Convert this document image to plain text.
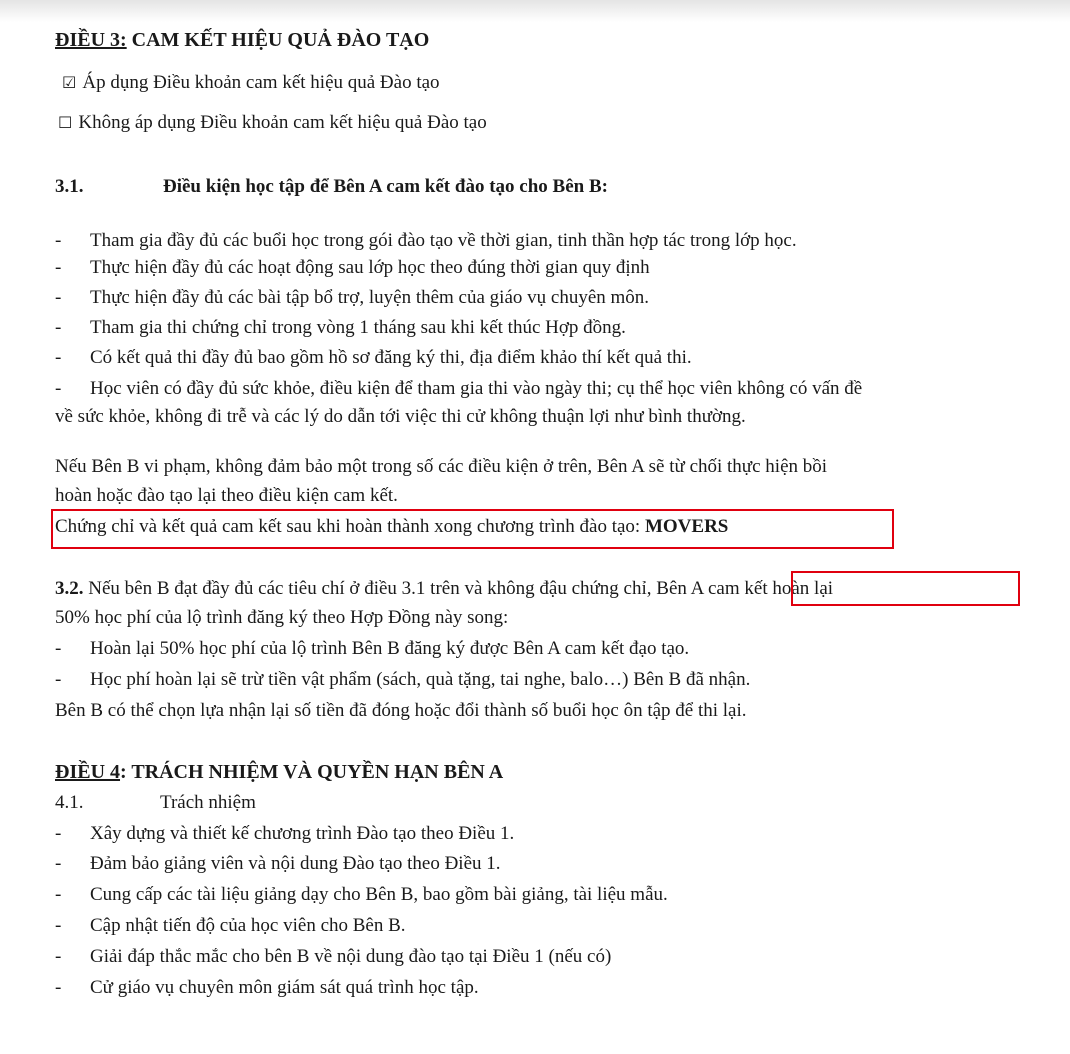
ĐIỀU 3: CAM KẾT HIỆU QUẢ ĐÀO TẠO
☑ Áp dụng Điều khoản cam kết hiệu quả Đào tạo
☐ Không áp dụng Điều khoản cam kết hiệu quả Đào tạo
3.1.	Điều kiện học tập để Bên A cam kết đào tạo cho Bên B:
- Tham gia đầy đủ các buổi học trong gói đào tạo về thời gian, tinh thần hợp tác trong lớp học.
- Thực hiện đầy đủ các hoạt động sau lớp học theo đúng thời gian quy định
- Thực hiện đầy đủ các bài tập bổ trợ, luyện thêm của giáo vụ chuyên môn.
- Tham gia thi chứng chỉ trong vòng 1 tháng sau khi kết thúc Hợp đồng.
- Có kết quả thi đầy đủ bao gồm hồ sơ đăng ký thi, địa điểm khảo thí kết quả thi.
- Học viên có đầy đủ sức khỏe, điều kiện để tham gia thi vào ngày thi; cụ thể học viên không có vấn đề
về sức khỏe, không đi trễ và các lý do dẫn tới việc thi cử không thuận lợi như bình thường.
Nếu Bên B vi phạm, không đảm bảo một trong số các điều kiện ở trên, Bên A sẽ từ chối thực hiện bồi
hoàn hoặc đào tạo lại theo điều kiện cam kết.
Chứng chỉ và kết quả cam kết sau khi hoàn thành xong chương trình đào tạo: MOVERS
3.2. Nếu bên B đạt đầy đủ các tiêu chí ở điều 3.1 trên và không đậu chứng chỉ, Bên A cam kết hoàn lại
50% học phí của lộ trình đăng ký theo Hợp Đồng này song:
- Hoàn lại 50% học phí của lộ trình Bên B đăng ký được Bên A cam kết đạo tạo.
- Học phí hoàn lại sẽ trừ tiền vật phẩm (sách, quà tặng, tai nghe, balo…) Bên B đã nhận.
Bên B có thể chọn lựa nhận lại số tiền đã đóng hoặc đổi thành số buổi học ôn tập để thi lại.
ĐIỀU 4: TRÁCH NHIỆM VÀ QUYỀN HẠN BÊN A
4.1.	Trách nhiệm
- Xây dựng và thiết kế chương trình Đào tạo theo Điều 1.
- Đảm bảo giảng viên và nội dung Đào tạo theo Điều 1.
- Cung cấp các tài liệu giảng dạy cho Bên B, bao gồm bài giảng, tài liệu mẫu.
- Cập nhật tiến độ của học viên cho Bên B.
- Giải đáp thắc mắc cho bên B về nội dung đào tạo tại Điều 1 (nếu có)
- Cử giáo vụ chuyên môn giám sát quá trình học tập.
